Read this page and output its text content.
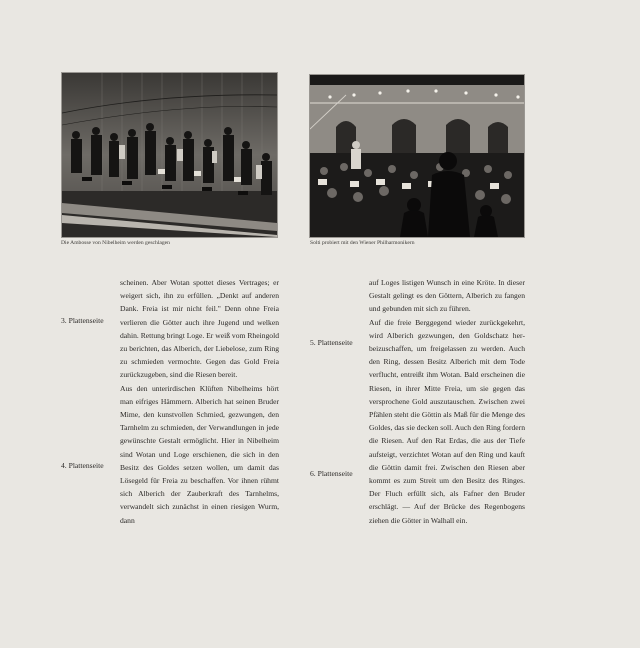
Die Ambosse von Nibelheim werden geschlagen	Solti probiert mit den Wiener Philharmonikern
3. Plattenseite
4. Plattenseite
5. Plattenseite
6. Plattenseite

scheinen. Aber Wotan spottet dieses Vertrages; er weigert sich, ihn zu erfüllen. „Denkt auf anderen Dank. Freia ist mir nicht feil." Denn ohne Freia verlieren die Götter auch ihre Jugend und welken dahin. Rettung bringt Loge. Er weiß vom Rheingold zu berichten, das Alberich, der Liebelose, zum Ring zu schmieden vermochte. Gegen das Gold Freia zurückzugeben, sind die Riesen bereit.

Aus den unterirdischen Klüften Nibelheims hört man eifriges Hämmern. Alberich hat seinen Bruder Mime, den kunstvollen Schmied, gezwungen, den Tarnhelm zu schmieden, der Verwandlungen in jede gewünschte Gestalt ermöglicht. Hier in Nibelheim sind Wotan und Loge erschienen, die sich in den Besitz des Goldes setzen wollen, um damit das Lösegeld für Freia zu beschaffen. Vor ihnen rühmt sich Alberich der Zauberkraft des Tarnhelms, verwandelt sich zunächst in einen riesigen Wurm, dann

auf Loges listigen Wunsch in eine Kröte. In dieser Gestalt gelingt es den Göttern, Alberich zu fangen und gebunden mit sich zu führen.

Auf die freie Berggegend wieder zurückgekehrt, wird Alberich gezwungen, den Goldschatz herbeizuschaffen, um freigelassen zu werden. Auch den Ring, dessen Besitz Alberich mit dem Tode verflucht, entreißt ihm Wotan. Bald erscheinen die Riesen, in ihrer Mitte Freia, um sie gegen das versprochene Gold auszutauschen. Zwischen zwei Pfählen steht die Göttin als Maß für die Menge des Goldes, das sie decken soll. Auch den Ring fordern die Riesen. Auf den Rat Erdas, die aus der Tiefe aufsteigt, verzichtet Wotan auf den Ring und kauft die Göttin damit frei. Zwischen den Riesen aber kommt es zum Streit um den Besitz des Ringes. Der Fluch erfüllt sich, als Fafner den Bruder erschlägt. — Auf der Brücke des Regenbogens ziehen die Götter in Walhall ein.
